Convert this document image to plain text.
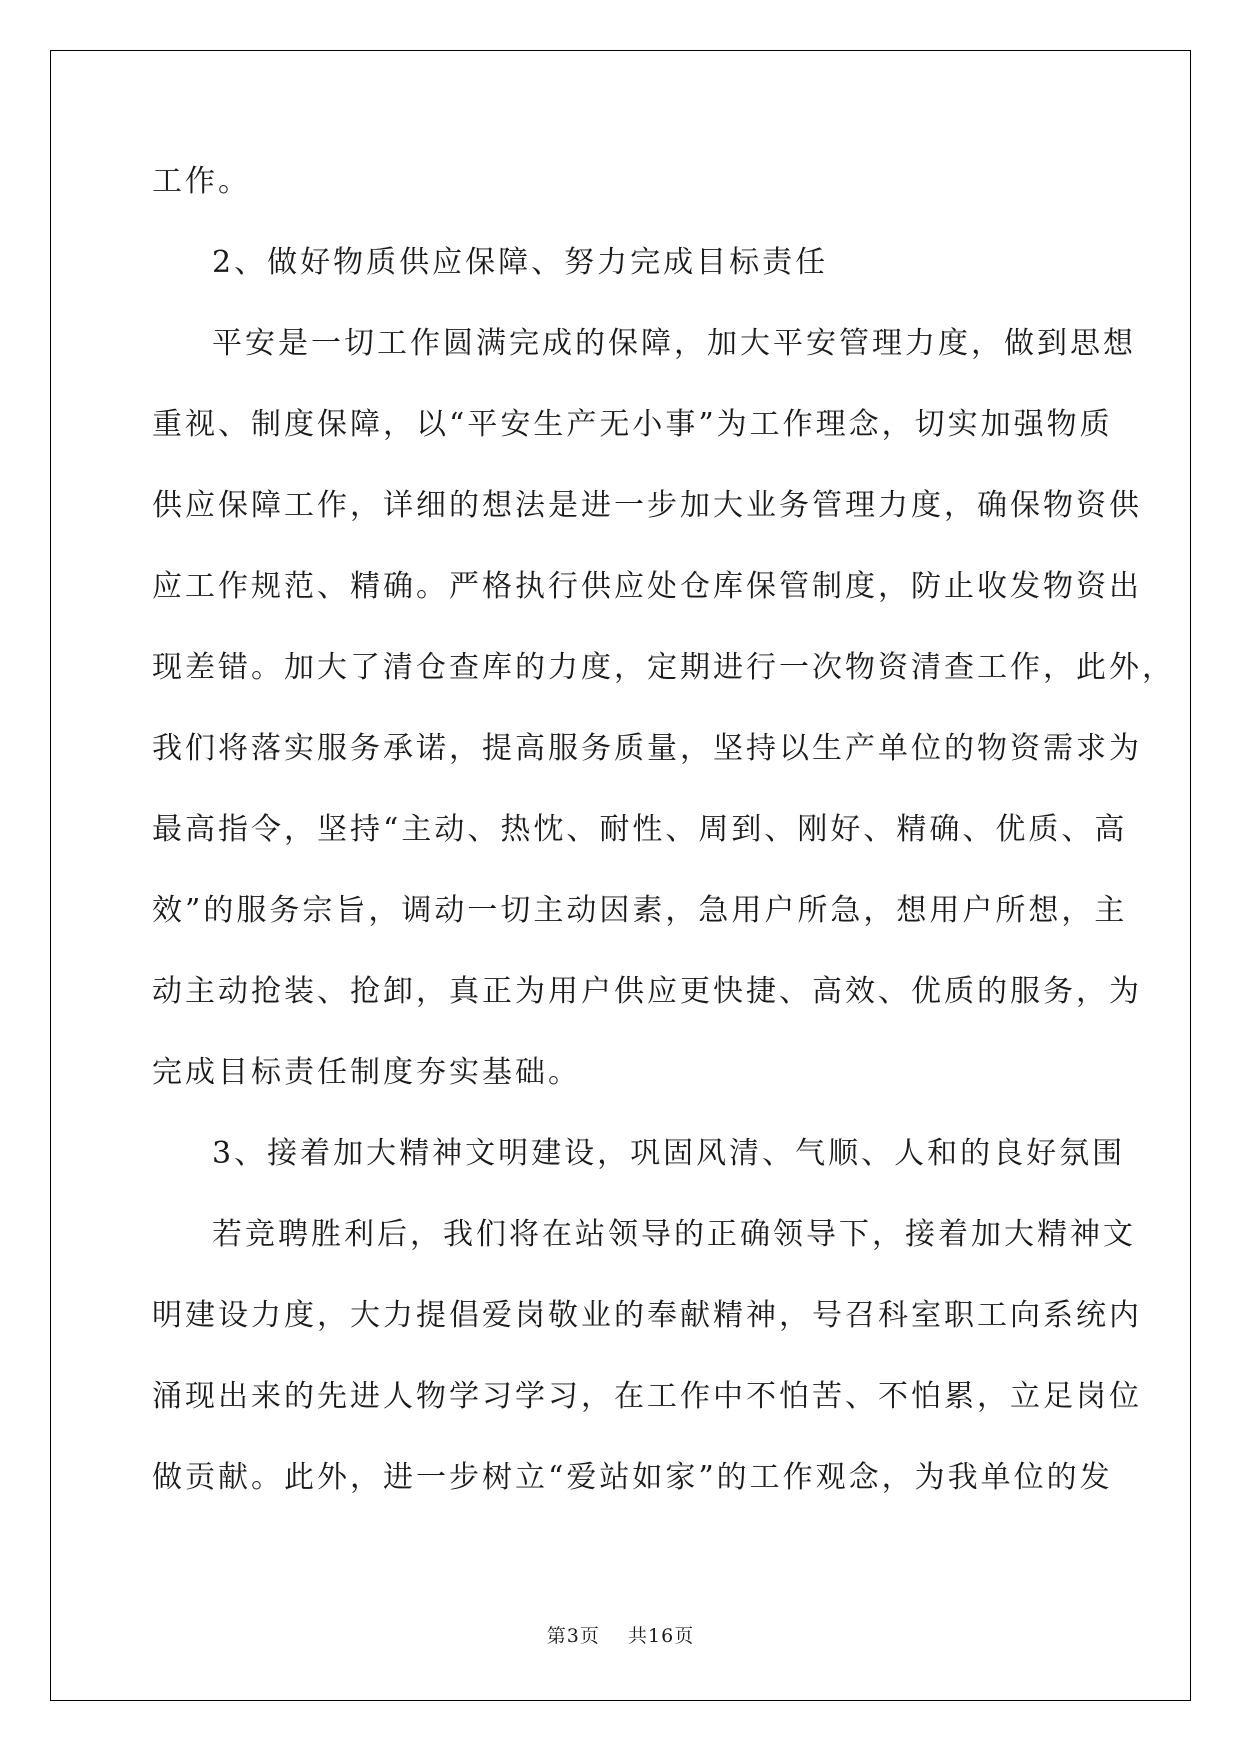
工作。
2、做好物质供应保障、努力完成目标责任
平安是一切工作圆满完成的保障，加大平安管理力度，做到思想
重视、制度保障，以“平安生产无小事”为工作理念，切实加强物质
供应保障工作，详细的想法是进一步加大业务管理力度，确保物资供
应工作规范、精确。严格执行供应处仓库保管制度，防止收发物资出
现差错。加大了清仓查库的力度，定期进行一次物资清查工作，此外，
我们将落实服务承诺，提高服务质量，坚持以生产单位的物资需求为
最高指令，坚持“主动、热忱、耐性、周到、刚好、精确、优质、高
效”的服务宗旨，调动一切主动因素，急用户所急，想用户所想，主
动主动抢装、抢卸，真正为用户供应更快捷、高效、优质的服务，为
完成目标责任制度夯实基础。
3、接着加大精神文明建设，巩固风清、气顺、人和的良好氛围
若竞聘胜利后，我们将在站领导的正确领导下，接着加大精神文
明建设力度，大力提倡爱岗敬业的奉献精神，号召科室职工向系统内
涌现出来的先进人物学习学习，在工作中不怕苦、不怕累，立足岗位
做贡献。此外，进一步树立“爱站如家”的工作观念，为我单位的发
第3页 共16页
